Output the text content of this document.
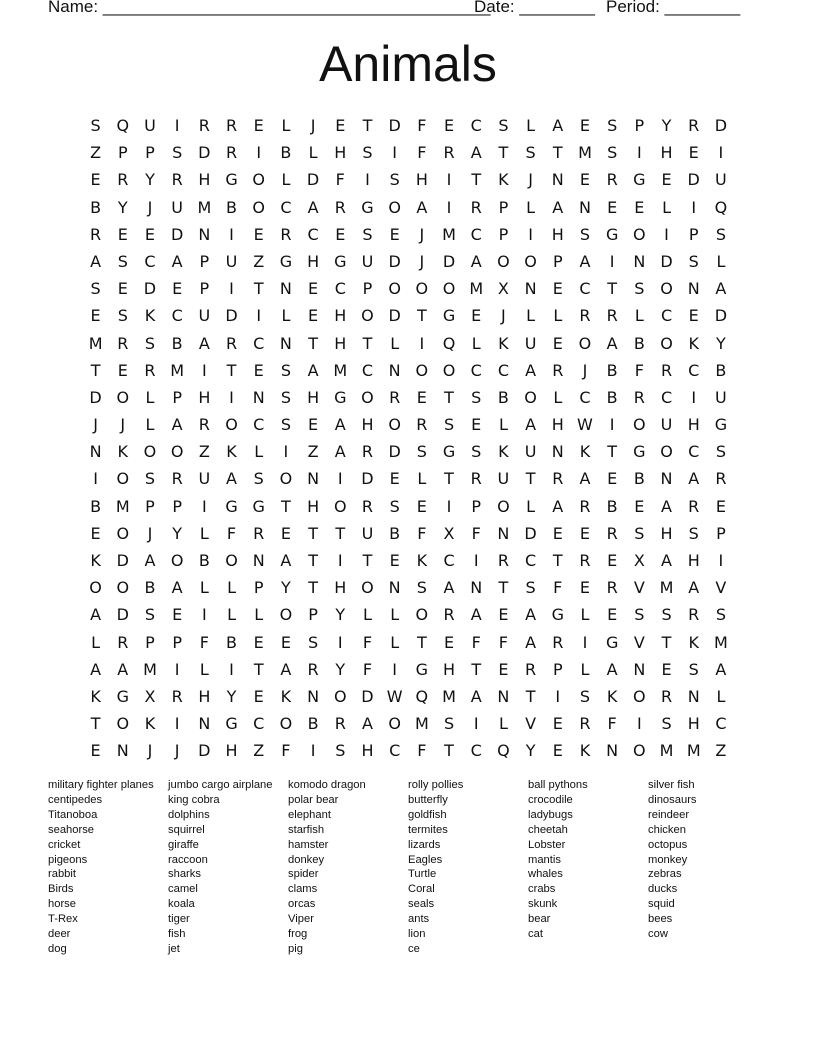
Name: _________________________________________
Date: ________ Period: ________
Animals
S Q U	I	R	R	E	L	J	E	T	D	F	E	C	S	L	A	E	S	P	Y	R D
Z	P	P	S D R	I	B	L	H	S	I	F	R	A	T	S	T M S	I	H	E	I
E	R	Y	R H G O	L	D	F	I	S	H	I	T	K	J	N	E	R G E D U
B	Y	J	U M B O C	A	R G O A	I	R	P	L	A N	E	E	L	I	Q
R	E	E D N	I	E	R	C	E	S	E	J	M C	P	I	H	S G O	I	P	S
A	S	C	A	P	U Z G H G U D	J	D A O O	P	A	I	N D S	L
S	E D E	P	I	T	N	E	C	P	O O O M X N	E	C	T	S O N A
E	S	K	C U D	I	L	E	H O D	T	G E	J	L	L	R	R	L	C	E D
M R	S	B	A	R	C N	T	H	T	L	I	Q	L	K	U	E O A	B O K	Y
T	E	R M	I	T	E	S	A M C N O O C	C	A	R	J	B	F	R	C	B
D O	L	P	H	I	N	S	H G O R	E	T	S	B O	L	C	B	R	C	I	U
J	J	L	A	R O C	S	E	A H O R	S	E	L	A H W	I	O U H G
N K O O Z	K	L	I	Z	A	R D S G S	K	U N K	T	G O C	S
I	O S	R U A	S O N	I	D E	L	T	R U	T	R	A	E	B N A	R
B M P	P	I	G G	T	H O R	S	E	I	P	O	L	A	R	B	E	A	R	E
E O	J	Y	L	F	R	E	T	T	U B	F	X	F	N D E	E	R	S	H	S	P
K D A O B O N A	T	I	T	E	K	C	I	R	C	T	R	E	X	A H	I
O O B	A	L	L	P	Y	T	H O N	S	A N	T	S	F	E	R	V M A	V
A D S	E	I	L	L	O	P	Y	L	L	O R	A	E	A G	L	E	S	S	R	S
L	R	P	P	F	B	E	E	S	I	F	L	T	E	F	F	A	R	I	G V	T	K M
A	A M	I	L	I	T	A	R	Y	F	I	G H	T	E	R	P	L	A N	E	S	A
K G X	R H	Y	E	K N O D W Q M A N	T	I	S	K O R N	L
T	O K	I	N G C O B	R	A O M S	I	L	V	E	R	F	I	S	H C
E	N	J	J	D H Z	F	I	S	H C	F	T	C Q	Y	E	K N O M M Z
military fighter planes
centipedes
Titanoboa
seahorse
cricket
pigeons
rabbit
Birds
horse
T-Rex
deer
dog
jumbo cargo airplane
king cobra
dolphins
squirrel
giraffe
raccoon
sharks
camel
koala
tiger
fish
jet
komodo dragon
polar bear
elephant
starfish
hamster
donkey
spider
clams
orcas
Viper
frog
pig
rolly pollies
butterfly
goldfish
termites
lizards
Eagles
Turtle
Coral
seals
ants
lion
ce
ball pythons
crocodile
ladybugs
cheetah
Lobster
mantis
whales
crabs
skunk
bear
cat
silver fish
dinosaurs
reindeer
chicken
octopus
monkey
zebras
ducks
squid
bees
cow
